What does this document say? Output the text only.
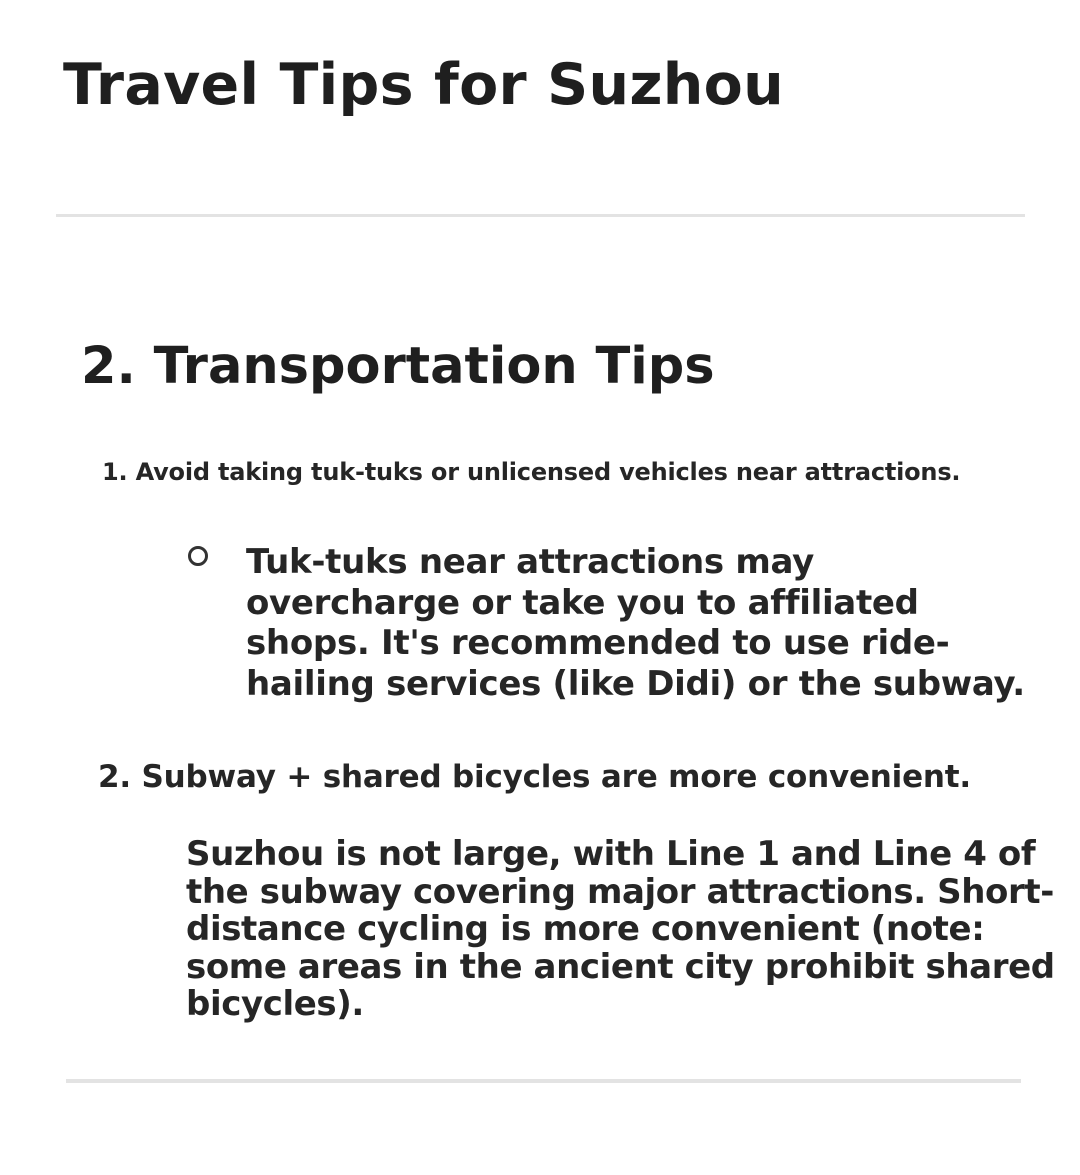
Travel Tips for Suzhou
2. Transportation Tips

1. Avoid taking tuk-tuks or unlicensed vehicles near attractions.

Tuk-tuks near attractions may overcharge or take you to affiliated shops. It's recommended to use ride-hailing services (like Didi) or the subway.

2. Subway + shared bicycles are more convenient.

Suzhou is not large, with Line 1 and Line 4 of the subway covering major attractions. Short-distance cycling is more convenient (note: some areas in the ancient city prohibit shared bicycles).
